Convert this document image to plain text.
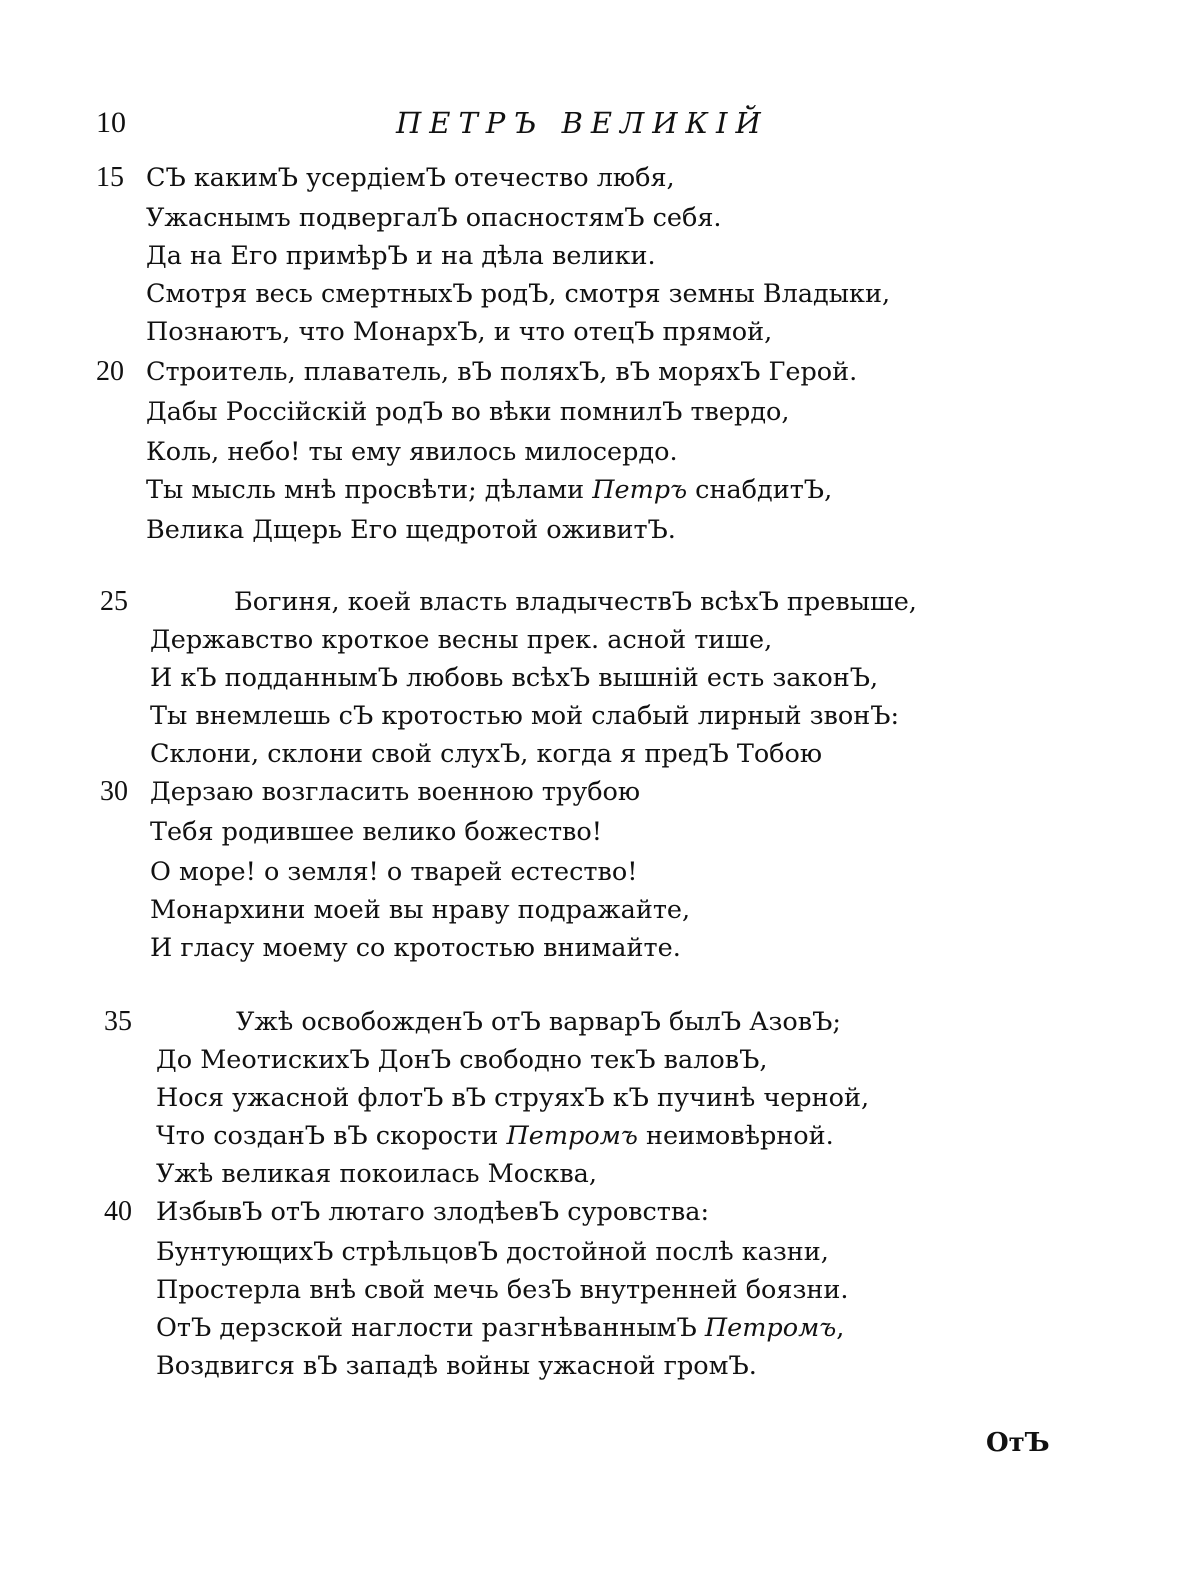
10	ПЕТРЪ ВЕЛИКІЙ
15 СЪ какимЪ усердіемЪ отечество любя,
Ужаснымъ подвергалЪ опасностямЪ себя.
Да на Его примѣрЪ и на дѣла велики.
Смотря весь смертныхЪ родЪ, смотря земны Владыки,
Познаютъ, что МонархЪ, и что отецЪ прямой,
20 Строитель, плаватель, вЪ поляхЪ, вЪ моряхЪ Герой.
Дабы Россійскій родЪ во вѣки помнилЪ твердо,
Коль, небо! ты ему явилось милосердо.
Ты мысль мнѣ просвѣти; дѣлами Петръ снабдитЪ,
Велика Дщерь Его щедротой оживитЪ.
25	Богиня, коей власть владычествЪ всѣхЪ превыше,
Державство кроткое весны прек. асной тише,
И кЪ подданнымЪ любовь всѣхЪ вышній есть законЪ,
Ты внемлешь сЪ кротостью мой слабый лирный звонЪ:
Склони, склони свой слухЪ, когда я предЪ Тобою
30 Дерзаю возгласить военною трубою
Тебя родившее велико божество!
О море! о земля! о тварей естество!
Монархини моей вы нраву подражайте,
И гласу моему со кротостью внимайте.
35	Ужѣ освобожденЪ отЪ варварЪ былЪ АзовЪ;
До МеотискихЪ ДонЪ свободно текЪ валовЪ,
Нося ужасной флотЪ вЪ струяхЪ кЪ пучинѣ черной,
Что созданЪ вЪ скорости Петромъ неимовѣрной.
Ужѣ великая покоилась Москва,
40 ИзбывЪ отЪ лютаго злодѣевЪ суровства:
БунтующихЪ стрѣльцовЪ достойной послѣ казни,
Простерла внѣ свой мечь безЪ внутренней боязни.
ОтЪ дерзской наглости разгнѣваннымЪ Петромъ,
Воздвигся вЪ западѣ войны ужасной громЪ.
ОтЪ
